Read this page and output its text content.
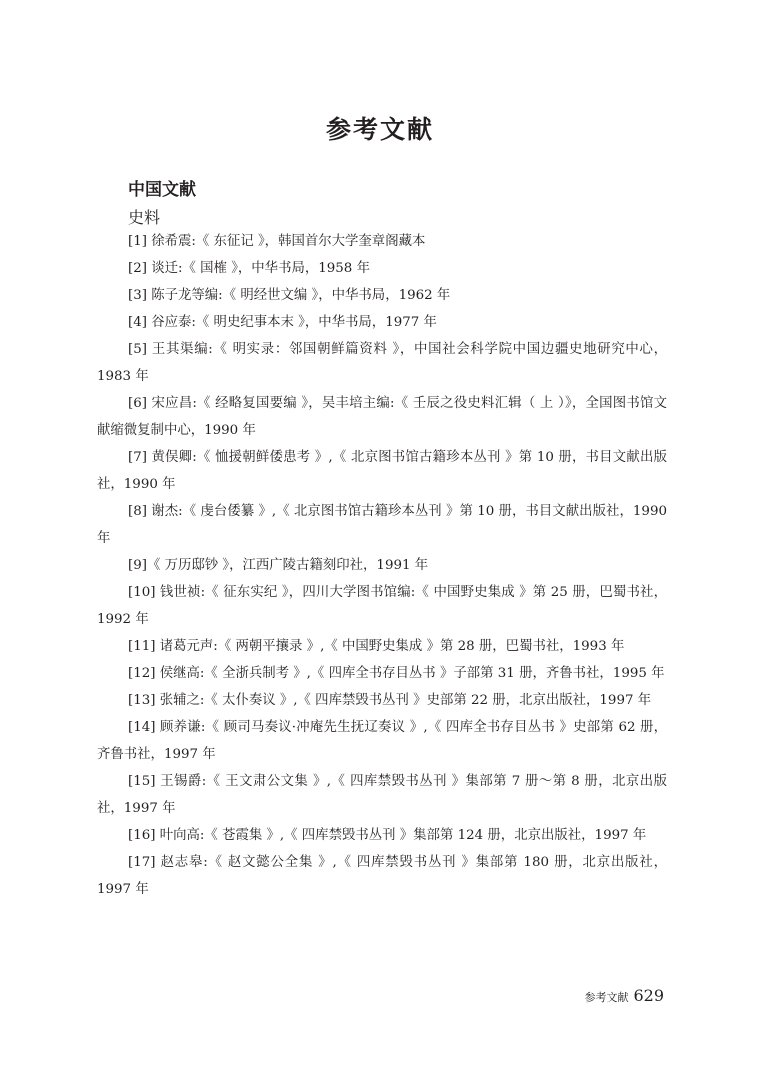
参考文献
中国文献
史料
[1] 徐希震:《 东征记 》，韩国首尔大学奎章阁藏本
[2] 谈迁:《 国榷 》，中华书局，1958 年
[3] 陈子龙等编:《 明经世文编 》，中华书局，1962 年
[4] 谷应泰:《 明史纪事本末 》，中华书局，1977 年
[5] 王其渠编:《 明实录：邻国朝鲜篇资料 》，中国社会科学院中国边疆史地研究中心，1983 年
[6] 宋应昌:《 经略复国要编 》，吴丰培主编:《 壬辰之役史料汇辑（ 上 ）》，全国图书馆文献缩微复制中心，1990 年
[7] 黄俣卿:《 恤援朝鲜倭患考 》,《 北京图书馆古籍珍本丛刊 》第 10 册，书目文献出版社，1990 年
[8] 谢杰:《 虔台倭纂 》,《 北京图书馆古籍珍本丛刊 》第 10 册，书目文献出版社，1990 年
[9]《 万历邸钞 》，江西广陵古籍刻印社，1991 年
[10] 钱世祯:《 征东实纪 》，四川大学图书馆编:《 中国野史集成 》第 25 册，巴蜀书社，1992 年
[11] 诸葛元声:《 两朝平攘录 》,《 中国野史集成 》第 28 册，巴蜀书社，1993 年
[12] 侯继高:《 全浙兵制考 》,《 四库全书存目丛书 》子部第 31 册，齐鲁书社，1995 年
[13] 张辅之:《 太仆奏议 》,《 四库禁毁书丛刊 》史部第 22 册，北京出版社，1997 年
[14] 顾养谦:《 顾司马奏议·冲庵先生抚辽奏议 》,《 四库全书存目丛书 》史部第 62 册，齐鲁书社，1997 年
[15] 王锡爵:《 王文肃公文集 》,《 四库禁毁书丛刊 》集部第 7 册～第 8 册，北京出版社，1997 年
[16] 叶向高:《 苍霞集 》,《 四库禁毁书丛刊 》集部第 124 册，北京出版社，1997 年
[17] 赵志皋:《 赵文懿公全集 》,《 四库禁毁书丛刊 》集部第 180 册，北京出版社，1997 年
参考文献 629
